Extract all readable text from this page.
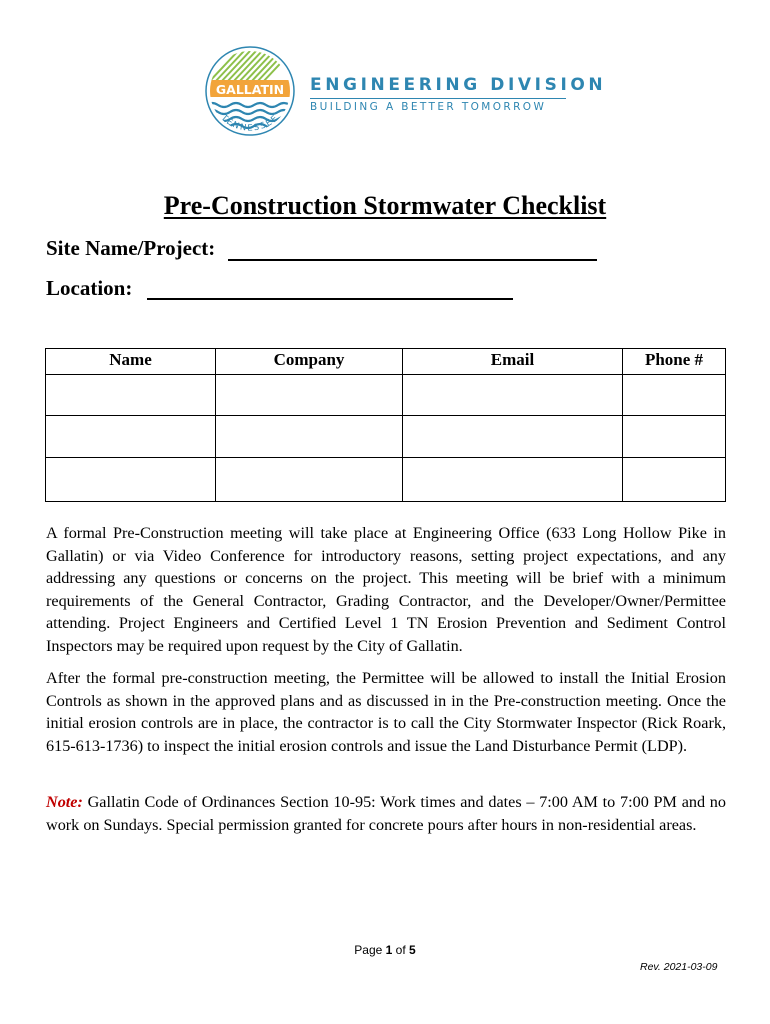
GALLATIN
TENNESSEE
ENGINEERING DIVISION
BUILDING A BETTER TOMORROW
Pre-Construction Stormwater Checklist
Site Name/Project:
Location:
Name	Company	Email	Phone #

A formal Pre-Construction meeting will take place at Engineering Office (633 Long Hollow Pike in Gallatin) or via Video Conference for introductory reasons, setting project expectations, and any addressing any questions or concerns on the project. This meeting will be brief with a minimum requirements of the General Contractor, Grading Contractor, and the Developer/Owner/Permittee attending. Project Engineers and Certified Level 1 TN Erosion Prevention and Sediment Control Inspectors may be required upon request by the City of Gallatin.

After the formal pre-construction meeting, the Permittee will be allowed to install the Initial Erosion Controls as shown in the approved plans and as discussed in in the Pre-construction meeting. Once the initial erosion controls are in place, the contractor is to call the City Stormwater Inspector (Rick Roark, 615-613-1736) to inspect the initial erosion controls and issue the Land Disturbance Permit (LDP).

Note: Gallatin Code of Ordinances Section 10-95: Work times and dates – 7:00 AM to 7:00 PM and no work on Sundays. Special permission granted for concrete pours after hours in non-residential areas.

Page 1 of 5
Rev. 2021-03-09
